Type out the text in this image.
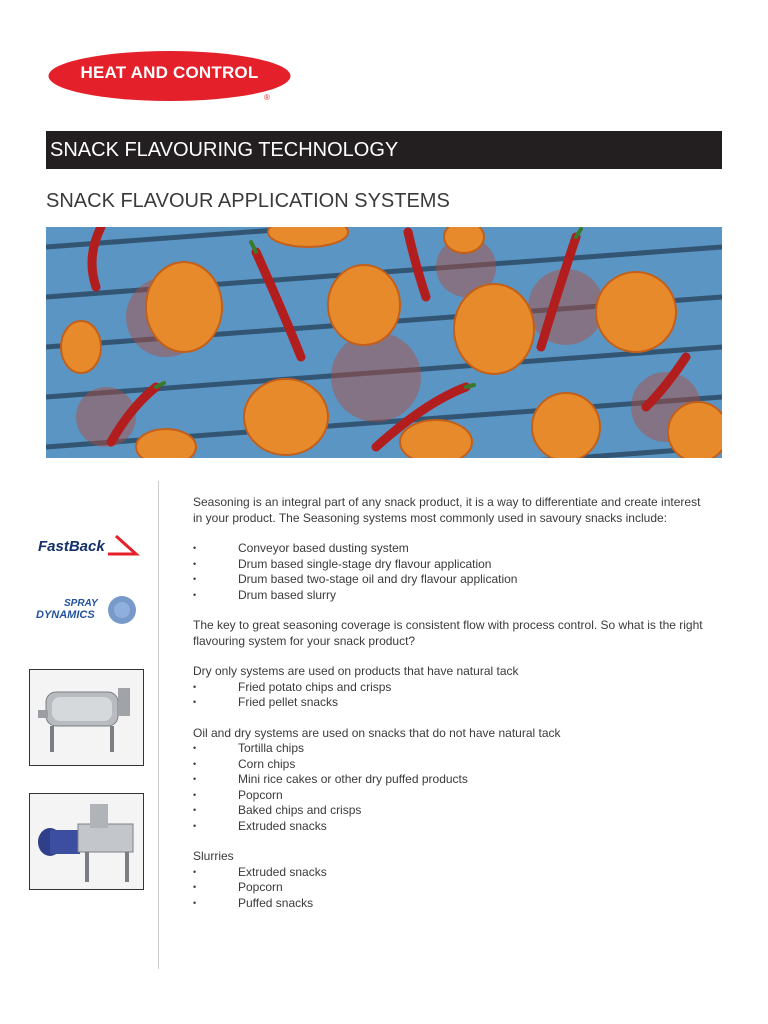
HEAT AND CONTROL
®
SNACK FLAVOURING TECHNOLOGY
SNACK FLAVOUR APPLICATION SYSTEMS
FastBack
SPRAY
DYNAMICS

Seasoning is an integral part of any snack product, it is a way to differentiate and create interest in your product. The Seasoning systems most commonly used in savoury snacks include:

• Conveyor based dusting system
• Drum based single-stage dry flavour application
• Drum based two-stage oil and dry flavour application
• Drum based slurry

The key to great seasoning coverage is consistent flow with process control. So what is the right flavouring system for your snack product?

Dry only systems are used on products that have natural tack

• Fried potato chips and crisps
• Fried pellet snacks

Oil and dry systems are used on snacks that do not have natural tack

• Tortilla chips
• Corn chips
• Mini rice cakes or other dry puffed products
• Popcorn
• Baked chips and crisps
• Extruded snacks

Slurries

• Extruded snacks
• Popcorn
• Puffed snacks
